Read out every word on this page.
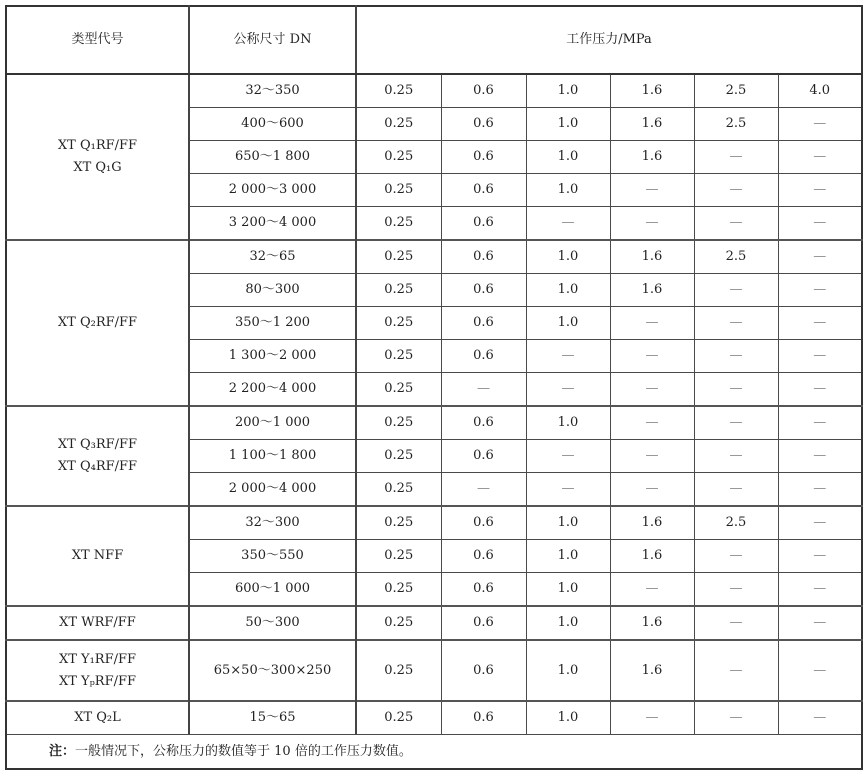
类型代号	公称尺寸 DN	工作压力/MPa					

XT Q₁RF/FF
XT Q₁G	32～350	0.25	0.6	1.0	1.6	2.5	4.0
	400～600	0.25	0.6	1.0	1.6	2.5	—
	650～1 800	0.25	0.6	1.0	1.6	—	—
	2 000～3 000	0.25	0.6	1.0	—	—	—
	3 200～4 000	0.25	0.6	—	—	—	—

XT Q₂RF/FF	32～65	0.25	0.6	1.0	1.6	2.5	—
	80～300	0.25	0.6	1.0	1.6	—	—
	350～1 200	0.25	0.6	1.0	—	—	—
	1 300～2 000	0.25	0.6	—	—	—	—
	2 200～4 000	0.25	—	—	—	—	—

XT Q₃RF/FF
XT Q₄RF/FF	200～1 000	0.25	0.6	1.0	—	—	—
	1 100～1 800	0.25	0.6	—	—	—	—
	2 000～4 000	0.25	—	—	—	—	—

XT NFF	32～300	0.25	0.6	1.0	1.6	2.5	—
	350～550	0.25	0.6	1.0	1.6	—	—
	600～1 000	0.25	0.6	1.0	—	—	—

XT WRF/FF	50～300	0.25	0.6	1.0	1.6	—	—

XT Y₁RF/FF
XT YₚRF/FF	65×50～300×250	0.25	0.6	1.0	1.6	—	—

XT Q₂L	15～65	0.25	0.6	1.0	—	—	—
注：一般情况下，公称压力的数值等于 10 倍的工作压力数值。							
